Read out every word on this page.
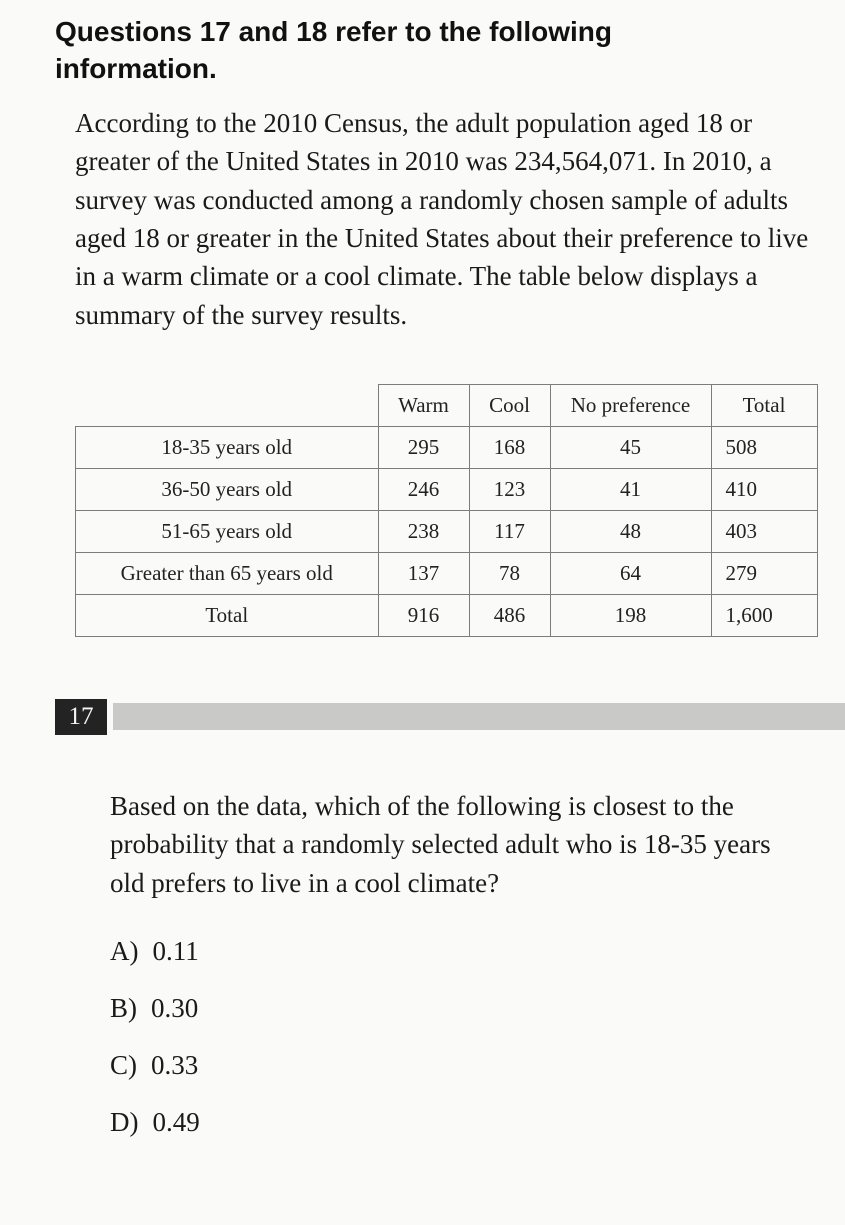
Questions 17 and 18 refer to the following information.
According to the 2010 Census, the adult population aged 18 or greater of the United States in 2010 was 234,564,071. In 2010, a survey was conducted among a randomly chosen sample of adults aged 18 or greater in the United States about their preference to live in a warm climate or a cool climate. The table below displays a summary of the survey results.
	Warm	Cool	No preference	Total
18-35 years old	295	168	45	508
36-50 years old	246	123	41	410
51-65 years old	238	117	48	403
Greater than 65 years old	137	78	64	279
Total	916	486	198	1,600
17
Based on the data, which of the following is closest to the probability that a randomly selected adult who is 18-35 years old prefers to live in a cool climate?
A) 0.11
B) 0.30
C) 0.33
D) 0.49
